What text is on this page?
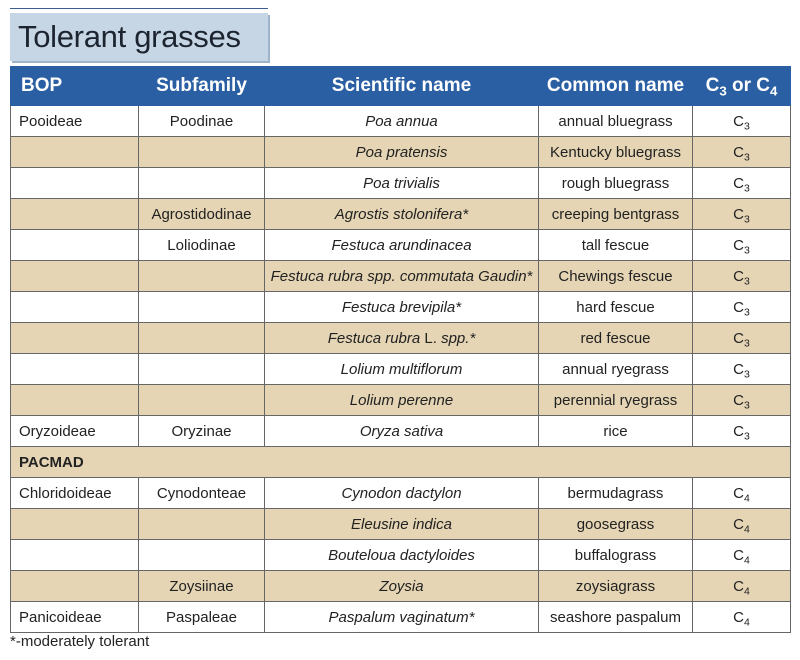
Tolerant grasses
BOP	Subfamily	Scientific name	Common name	$C_3$ or $C_4$
Pooideae	Poodinae	Poa annua	annual bluegrass	$C_3$
		Poa pratensis	Kentucky bluegrass	$C_3$
		Poa trivialis	rough bluegrass	$C_3$
	Agrostidodinae	Agrostis stolonifera*	creeping bentgrass	$C_3$
	Loliodinae	Festuca arundinacea	tall fescue	$C_3$
		Festuca rubra spp. commutata Gaudin*	Chewings fescue	$C_3$
		Festuca brevipila*	hard fescue	$C_3$
		Festuca rubra L. spp.*	red fescue	$C_3$
		Lolium multiflorum	annual ryegrass	$C_3$
		Lolium perenne	perennial ryegrass	$C_3$
Oryzoideae	Oryzinae	Oryza sativa	rice	$C_3$
PACMAD				
Chloridoideae	Cynodonteae	Cynodon dactylon	bermudagrass	$C_4$
		Eleusine indica	goosegrass	$C_4$
		Bouteloua dactyloides	buffalograss	$C_4$
	Zoysiinae	Zoysia	zoysiagrass	$C_4$
Panicoideae	Paspaleae	Paspalum vaginatum*	seashore paspalum	$C_4$
*-moderately tolerant
